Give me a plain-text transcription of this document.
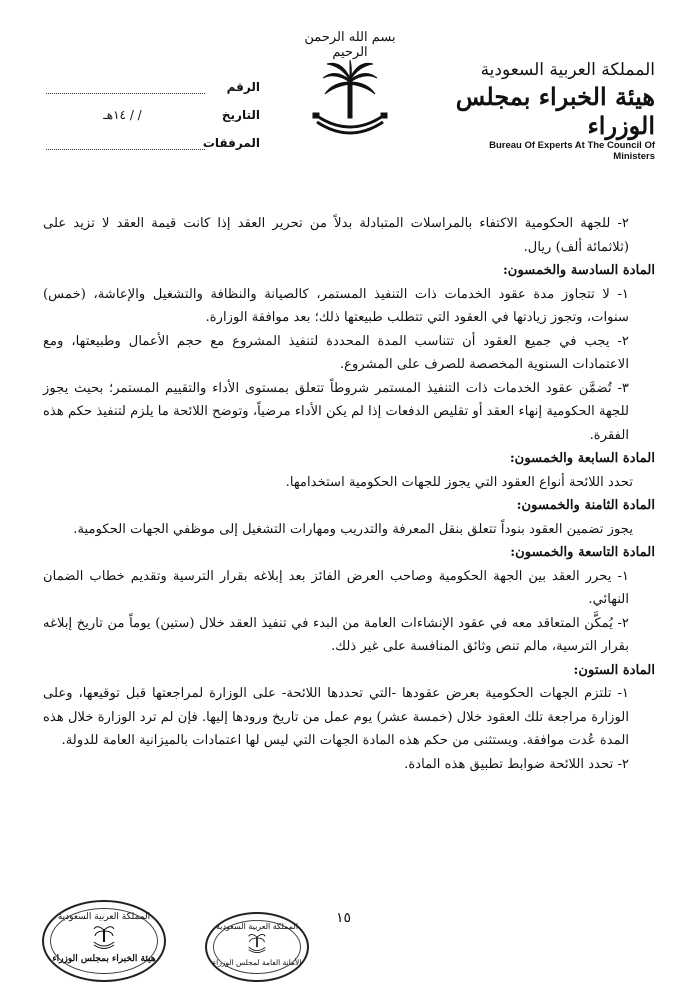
بسم الله الرحمن الرحيم
المملكة العربية السعودية
هيئة الخبراء بمجلس الوزراء
Bureau Of Experts At The Council Of Ministers
الرقم
التاريخ
/ / ١٤هـ
المرفقات

٢- للجهة الحكومية الاكتفاء بالمراسلات المتبادلة بدلاً من تحرير العقد إذا كانت قيمة العقد لا تزيد على (ثلاثمائة ألف) ريال.

المادة السادسة والخمسون:

١- لا تتجاوز مدة عقود الخدمات ذات التنفيذ المستمر، كالصيانة والنظافة والتشغيل والإعاشة، (خمس) سنوات، وتجوز زيادتها في العقود التي تتطلب طبيعتها ذلك؛ بعد موافقة الوزارة.

٢- يجب في جميع العقود أن تتناسب المدة المحددة لتنفيذ المشروع مع حجم الأعمال وطبيعتها، ومع الاعتمادات السنوية المخصصة للصرف على المشروع.

٣- تُضمَّن عقود الخدمات ذات التنفيذ المستمر شروطاً تتعلق بمستوى الأداء والتقييم المستمر؛ بحيث يجوز للجهة الحكومية إنهاء العقد أو تقليص الدفعات إذا لم يكن الأداء مرضياً، وتوضح اللائحة ما يلزم لتنفيذ حكم هذه الفقرة.

المادة السابعة والخمسون:

تحدد اللائحة أنواع العقود التي يجوز للجهات الحكومية استخدامها.

المادة الثامنة والخمسون:

يجوز تضمين العقود بنوداً تتعلق بنقل المعرفة والتدريب ومهارات التشغيل إلى موظفي الجهات الحكومية.

المادة التاسعة والخمسون:

١- يحرر العقد بين الجهة الحكومية وصاحب العرض الفائز بعد إبلاغه بقرار الترسية وتقديم خطاب الضمان النهائي.

٢- يُمكَّن المتعاقد معه في عقود الإنشاءات العامة من البدء في تنفيذ العقد خلال (ستين) يوماً من تاريخ إبلاغه بقرار الترسية، مالم تنص وثائق المنافسة على غير ذلك.

المادة الستون:

١- تلتزم الجهات الحكومية بعرض عقودها -التي تحددها اللائحة- على الوزارة لمراجعتها قبل توقيعها، وعلى الوزارة مراجعة تلك العقود خلال (خمسة عشر) يوم عمل من تاريخ ورودها إليها. فإن لم ترد الوزارة خلال هذه المدة عُدت موافقة. ويستثنى من حكم هذه المادة الجهات التي ليس لها اعتمادات بالميزانية العامة للدولة.

٢- تحدد اللائحة ضوابط تطبيق هذه المادة.

١٥
المملكة العربية السعودية
هيئة الخبراء بمجلس الوزراء
المملكة العربية السعودية
الأمانة العامة لمجلس الوزراء
